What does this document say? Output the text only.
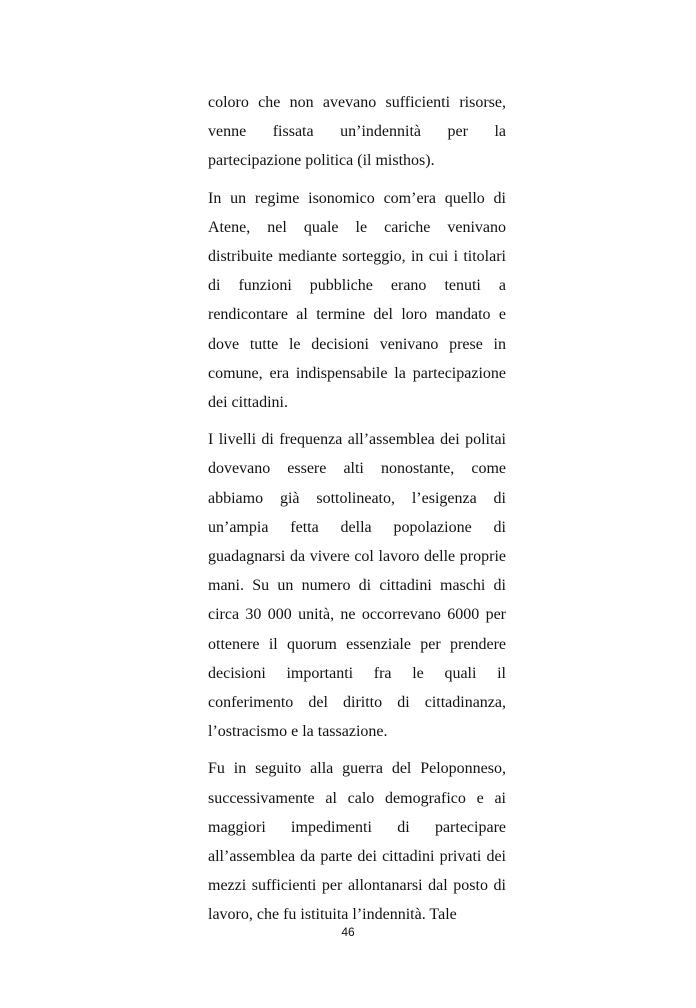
coloro che non avevano sufficienti risorse, venne fissata un’indennità per la partecipazione politica (il misthos).

In un regime isonomico com’era quello di Atene, nel quale le cariche venivano distribuite mediante sorteggio, in cui i titolari di funzioni pubbliche erano tenuti a rendicontare al termine del loro mandato e dove tutte le decisioni venivano prese in comune, era indispensabile la partecipazione dei cittadini.

I livelli di frequenza all’assemblea dei politai dovevano essere alti nonostante, come abbiamo già sottolineato, l’esigenza di un’ampia fetta della popolazione di guadagnarsi da vivere col lavoro delle proprie mani. Su un numero di cittadini maschi di circa 30 000 unità, ne occorrevano 6000 per ottenere il quorum essenziale per prendere decisioni importanti fra le quali il conferimento del diritto di cittadinanza, l’ostracismo e la tassazione.

Fu in seguito alla guerra del Peloponneso, successivamente al calo demografico e ai maggiori impedimenti di partecipare all’assemblea da parte dei cittadini privati dei mezzi sufficienti per allontanarsi dal posto di lavoro, che fu istituita l’indennità. Tale

46
